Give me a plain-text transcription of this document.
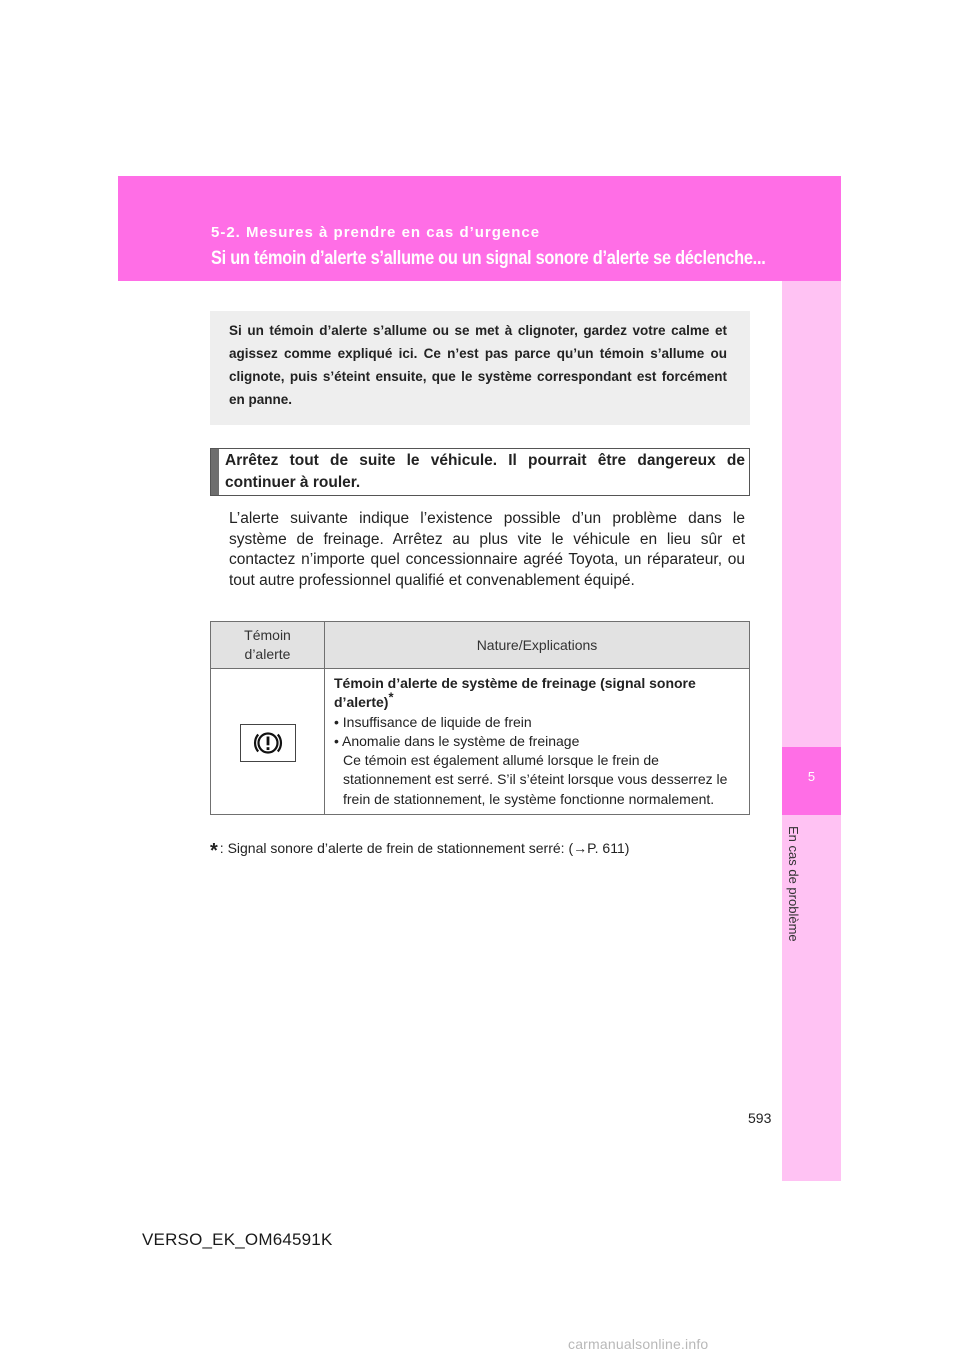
5-2. Mesures à prendre en cas d’urgence
Si un témoin d’alerte s’allume ou un signal sonore d’alerte se déclenche...
5
En cas de problème

Si un témoin d’alerte s’allume ou se met à clignoter, gardez votre calme et agissez comme expliqué ici. Ce n’est pas parce qu’un témoin s’allume ou clignote, puis s’éteint ensuite, que le système correspondant est forcément en panne.

Arrêtez tout de suite le véhicule. Il pourrait être dangereux de continuer à rouler.

L’alerte suivante indique l’existence possible d’un problème dans le système de freinage. Arrêtez au plus vite le véhicule en lieu sûr et contactez n’importe quel concessionnaire agréé Toyota, un réparateur, ou tout autre professionnel qualifié et convenablement équipé.

Témoin
d’alerte	Nature/Explications

	Témoin d’alerte de système de freinage (signal sonore d’alerte)*
• Insuffisance de liquide de frein
• Anomalie dans le système de freinage
Ce témoin est également allumé lorsque le frein de stationnement est serré. S’il s’éteint lorsque vous desserrez le frein de stationnement, le système fonctionne normalement.
* : Signal sonore d’alerte de frein de stationnement serré: (→P. 611)
593
VERSO_EK_OM64591K
carmanualsonline.info
